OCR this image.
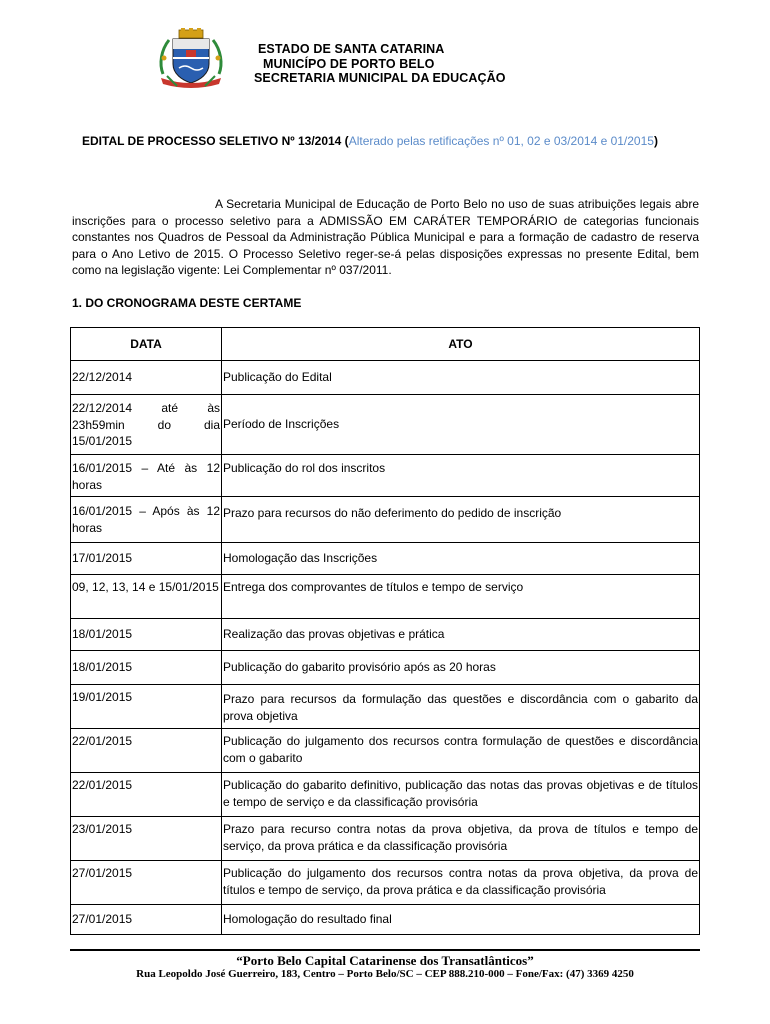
ESTADO DE SANTA CATARINA
MUNICÍPO DE PORTO BELO
SECRETARIA MUNICIPAL DA EDUCAÇÃO
EDITAL DE PROCESSO SELETIVO Nº 13/2014 (Alterado pelas retificações nº 01, 02 e 03/2014 e 01/2015)
A Secretaria Municipal de Educação de Porto Belo no uso de suas atribuições legais abre inscrições para o processo seletivo para a ADMISSÃO EM CARÁTER TEMPORÁRIO de categorias funcionais constantes nos Quadros de Pessoal da Administração Pública Municipal e para a formação de cadastro de reserva para o Ano Letivo de 2015. O Processo Seletivo reger-se-á pelas disposições expressas no presente Edital, bem como na legislação vigente: Lei Complementar nº 037/2011.
1. DO CRONOGRAMA DESTE CERTAME
DATA	ATO
22/12/2014	Publicação do Edital
22/12/2014 até às 23h59min do dia 15/01/2015	Período de Inscrições
16/01/2015 – Até às 12 horas	Publicação do rol dos inscritos
16/01/2015 – Após às 12 horas	Prazo para recursos do não deferimento do pedido de inscrição
17/01/2015	Homologação das Inscrições
09, 12, 13, 14 e 15/01/2015	Entrega dos comprovantes de títulos e tempo de serviço
18/01/2015	Realização das provas objetivas e prática
18/01/2015	Publicação do gabarito provisório após as 20 horas
19/01/2015	Prazo para recursos da formulação das questões e discordância com o gabarito da prova objetiva
22/01/2015	Publicação do julgamento dos recursos contra formulação de questões e discordância com o gabarito
22/01/2015	Publicação do gabarito definitivo, publicação das notas das provas objetivas e de títulos e tempo de serviço e da classificação provisória
23/01/2015	Prazo para recurso contra notas da prova objetiva, da prova de títulos e tempo de serviço, da prova prática e da classificação provisória
27/01/2015	Publicação do julgamento dos recursos contra notas da prova objetiva, da prova de títulos e tempo de serviço, da prova prática e da classificação provisória
27/01/2015	Homologação do resultado final
“Porto Belo Capital Catarinense dos Transatlânticos”
Rua Leopoldo José Guerreiro, 183, Centro – Porto Belo/SC – CEP 888.210-000 – Fone/Fax: (47) 3369 4250
